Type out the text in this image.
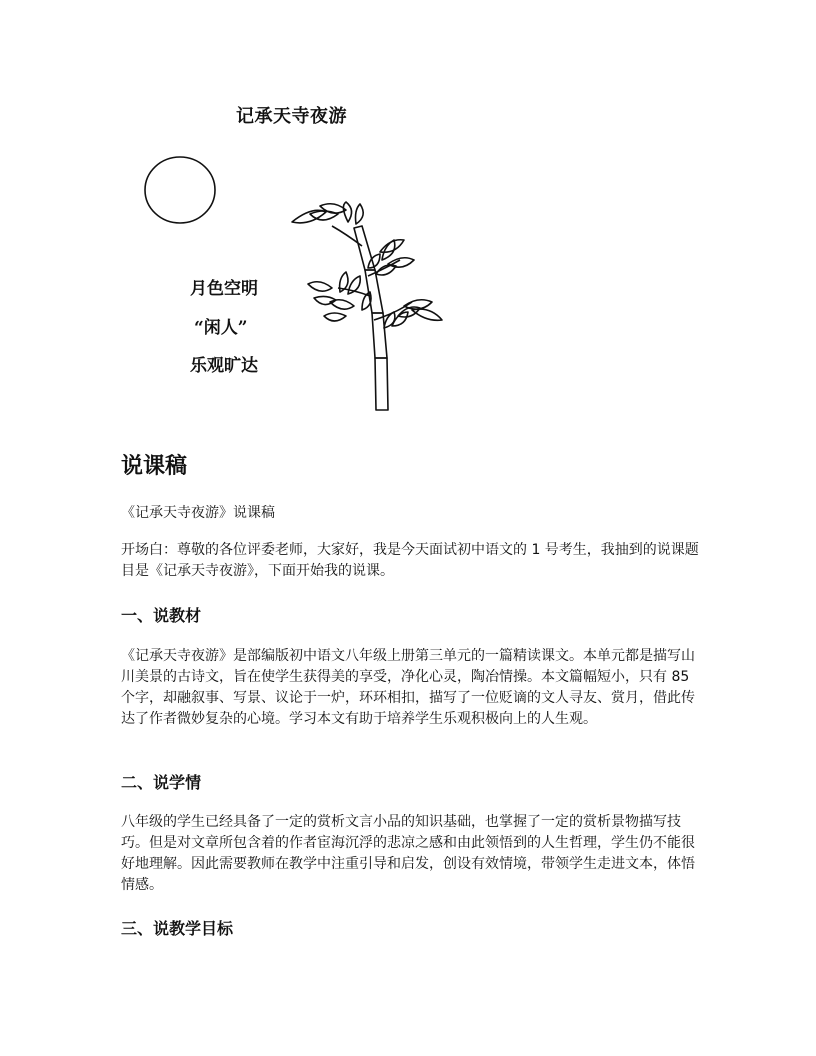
记承天寺夜游
月色空明
“闲人”
乐观旷达
说课稿

《记承天寺夜游》说课稿

开场白：尊敬的各位评委老师，大家好，我是今天面试初中语文的 1 号考生，我抽到的说课题目是《记承天寺夜游》，下面开始我的说课。

一、说教材

《记承天寺夜游》是部编版初中语文八年级上册第三单元的一篇精读课文。本单元都是描写山川美景的古诗文，旨在使学生获得美的享受，净化心灵，陶冶情操。本文篇幅短小，只有 85 个字，却融叙事、写景、议论于一炉，环环相扣，描写了一位贬谪的文人寻友、赏月，借此传达了作者微妙复杂的心境。学习本文有助于培养学生乐观积极向上的人生观。

二、说学情

八年级的学生已经具备了一定的赏析文言小品的知识基础，也掌握了一定的赏析景物描写技巧。但是对文章所包含着的作者宦海沉浮的悲凉之感和由此领悟到的人生哲理，学生仍不能很好地理解。因此需要教师在教学中注重引导和启发，创设有效情境，带领学生走进文本，体悟情感。

三、说教学目标
